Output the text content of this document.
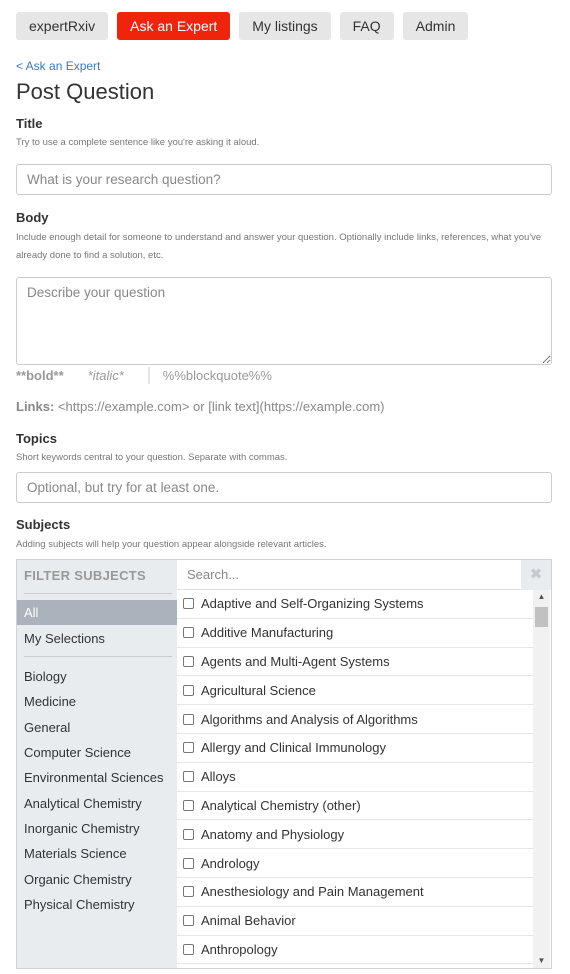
expertRxiv	Ask an Expert	My listings	FAQ	Admin
< Ask an Expert
Post Question
Title
Try to use a complete sentence like you're asking it aloud.
What is your research question?
Body
Include enough detail for someone to understand and answer your question. Optionally include links, references, what you've already done to find a solution, etc.
Describe your question
**bold** *italic*	%%blockquote%%
Links: <https://example.com> or [link text](https://example.com)
Topics
Short keywords central to your question. Separate with commas.
Optional, but try for at least one.
Subjects
Adding subjects will help your question appear alongside relevant articles.
FILTER SUBJECTS
All
My Selections
Biology
Medicine
General
Computer Science
Environmental Sciences
Analytical Chemistry
Inorganic Chemistry
Materials Science
Organic Chemistry
Physical Chemistry
Search...
✖
Adaptive and Self-Organizing Systems
Additive Manufacturing
Agents and Multi-Agent Systems
Agricultural Science
Algorithms and Analysis of Algorithms
Allergy and Clinical Immunology
Alloys
Analytical Chemistry (other)
Anatomy and Physiology
Andrology
Anesthesiology and Pain Management
Animal Behavior
Anthropology
▲
▼
